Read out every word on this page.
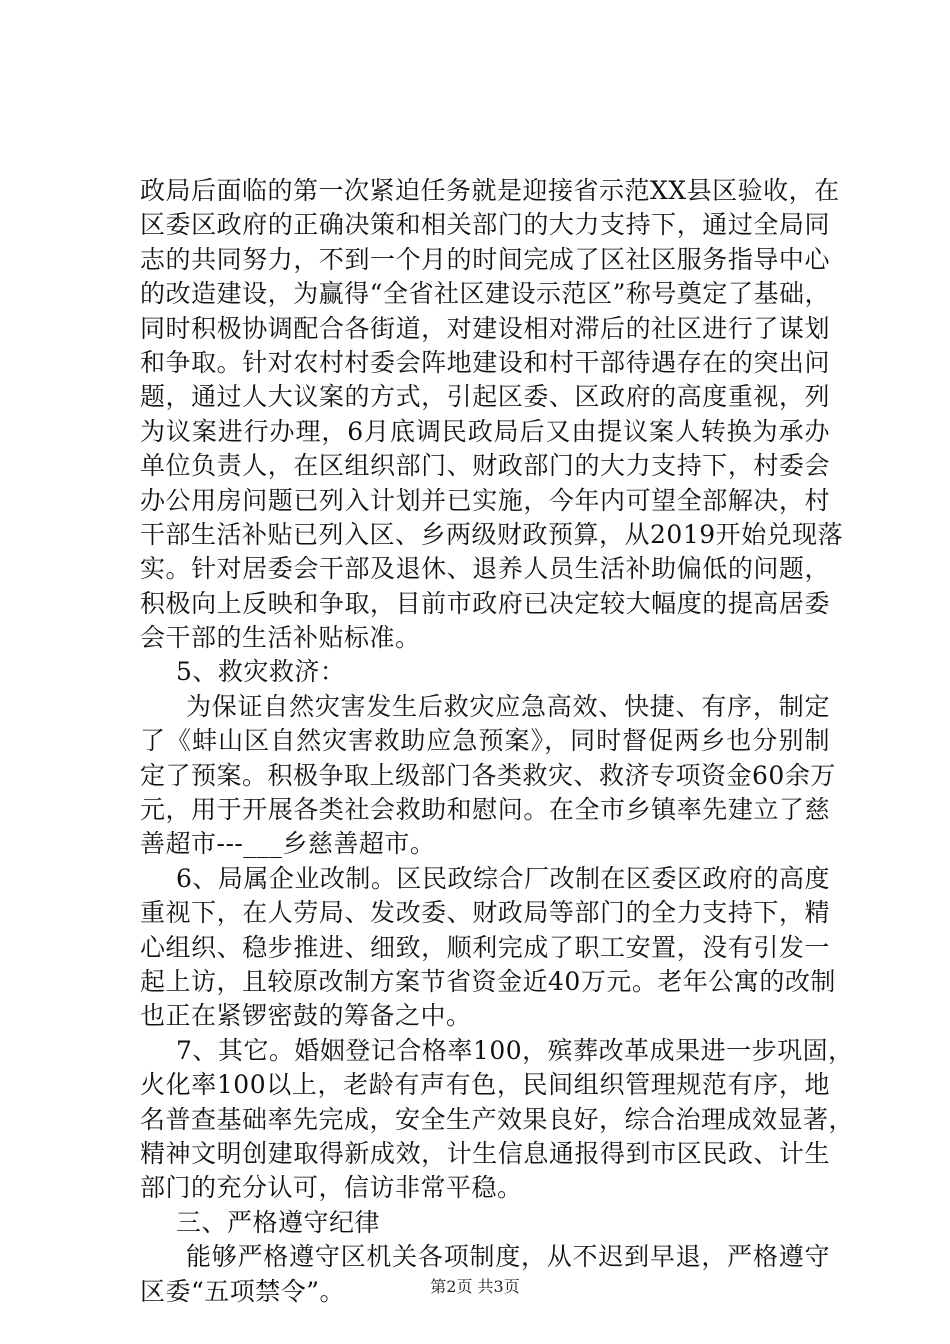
政局后面临的第一次紧迫任务就是迎接省示范XX县区验收，在
区委区政府的正确决策和相关部门的大力支持下，通过全局同
志的共同努力，不到一个月的时间完成了区社区服务指导中心
的改造建设，为赢得“全省社区建设示范区”称号奠定了基础，
同时积极协调配合各街道，对建设相对滞后的社区进行了谋划
和争取。针对农村村委会阵地建设和村干部待遇存在的突出问
题，通过人大议案的方式，引起区委、区政府的高度重视，列
为议案进行办理，6月底调民政局后又由提议案人转换为承办
单位负责人，在区组织部门、财政部门的大力支持下，村委会
办公用房问题已列入计划并已实施，今年内可望全部解决，村
干部生活补贴已列入区、乡两级财政预算，从2019开始兑现落
实。针对居委会干部及退休、退养人员生活补助偏低的问题，
积极向上反映和争取，目前市政府已决定较大幅度的提高居委
会干部的生活补贴标准。
5、救灾救济：
为保证自然灾害发生后救灾应急高效、快捷、有序，制定
了《蚌山区自然灾害救助应急预案》，同时督促两乡也分别制
定了预案。积极争取上级部门各类救灾、救济专项资金60余万
元，用于开展各类社会救助和慰问。在全市乡镇率先建立了慈
善超市---___乡慈善超市。
6、局属企业改制。区民政综合厂改制在区委区政府的高度
重视下，在人劳局、发改委、财政局等部门的全力支持下，精
心组织、稳步推进、细致，顺利完成了职工安置，没有引发一
起上访，且较原改制方案节省资金近40万元。老年公寓的改制
也正在紧锣密鼓的筹备之中。
7、其它。婚姻登记合格率100，殡葬改革成果进一步巩固，
火化率100以上，老龄有声有色，民间组织管理规范有序，地
名普查基础率先完成，安全生产效果良好，综合治理成效显著，
精神文明创建取得新成效，计生信息通报得到市区民政、计生
部门的充分认可，信访非常平稳。
三、严格遵守纪律
能够严格遵守区机关各项制度，从不迟到早退，严格遵守
区委“五项禁令”。	第2页 共3页
